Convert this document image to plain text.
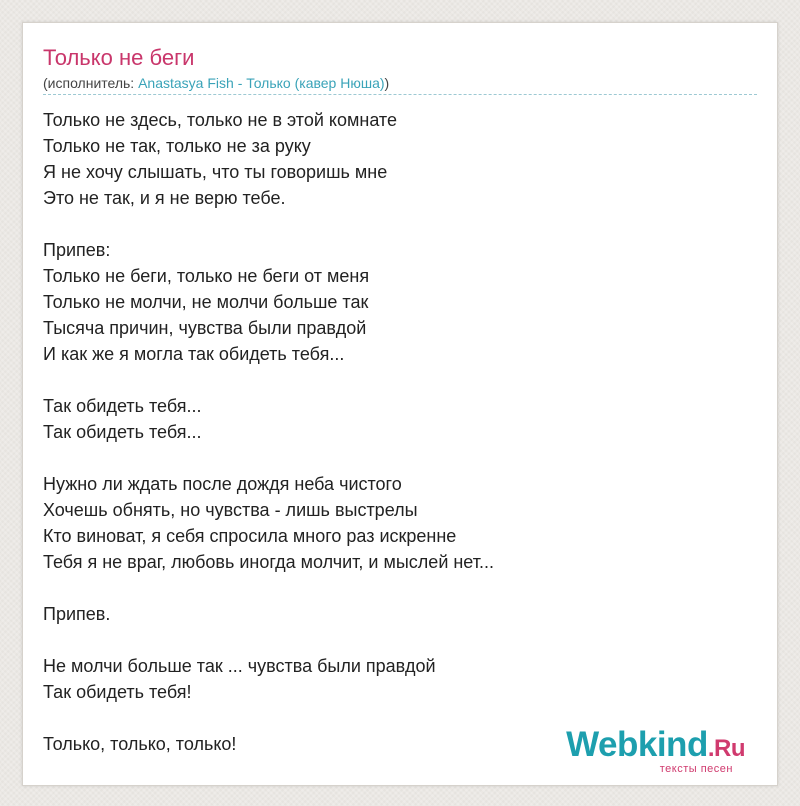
Только не беги
(исполнитель: Anastasya Fish - Только (кавер Нюша))
Только не здесь, только не в этой комнате
Только не так, только не за руку
Я не хочу слышать, что ты говоришь мне
Это не так, и я не верю тебе.
Припев:
Только не беги, только не беги от меня
Только не молчи, не молчи больше так
Тысяча причин, чувства были правдой
И как же я могла так обидеть тебя...
Так обидеть тебя...
Так обидеть тебя...
Нужно ли ждать после дождя неба чистого
Хочешь обнять, но чувства - лишь выстрелы
Кто виноват, я себя спросила много раз искренне
Тебя я не враг, любовь иногда молчит, и мыслей нет...
Припев.
Не молчи больше так ... чувства были правдой
Так обидеть тебя!
Только, только, только!	Webkind.Ru
тексты песен
